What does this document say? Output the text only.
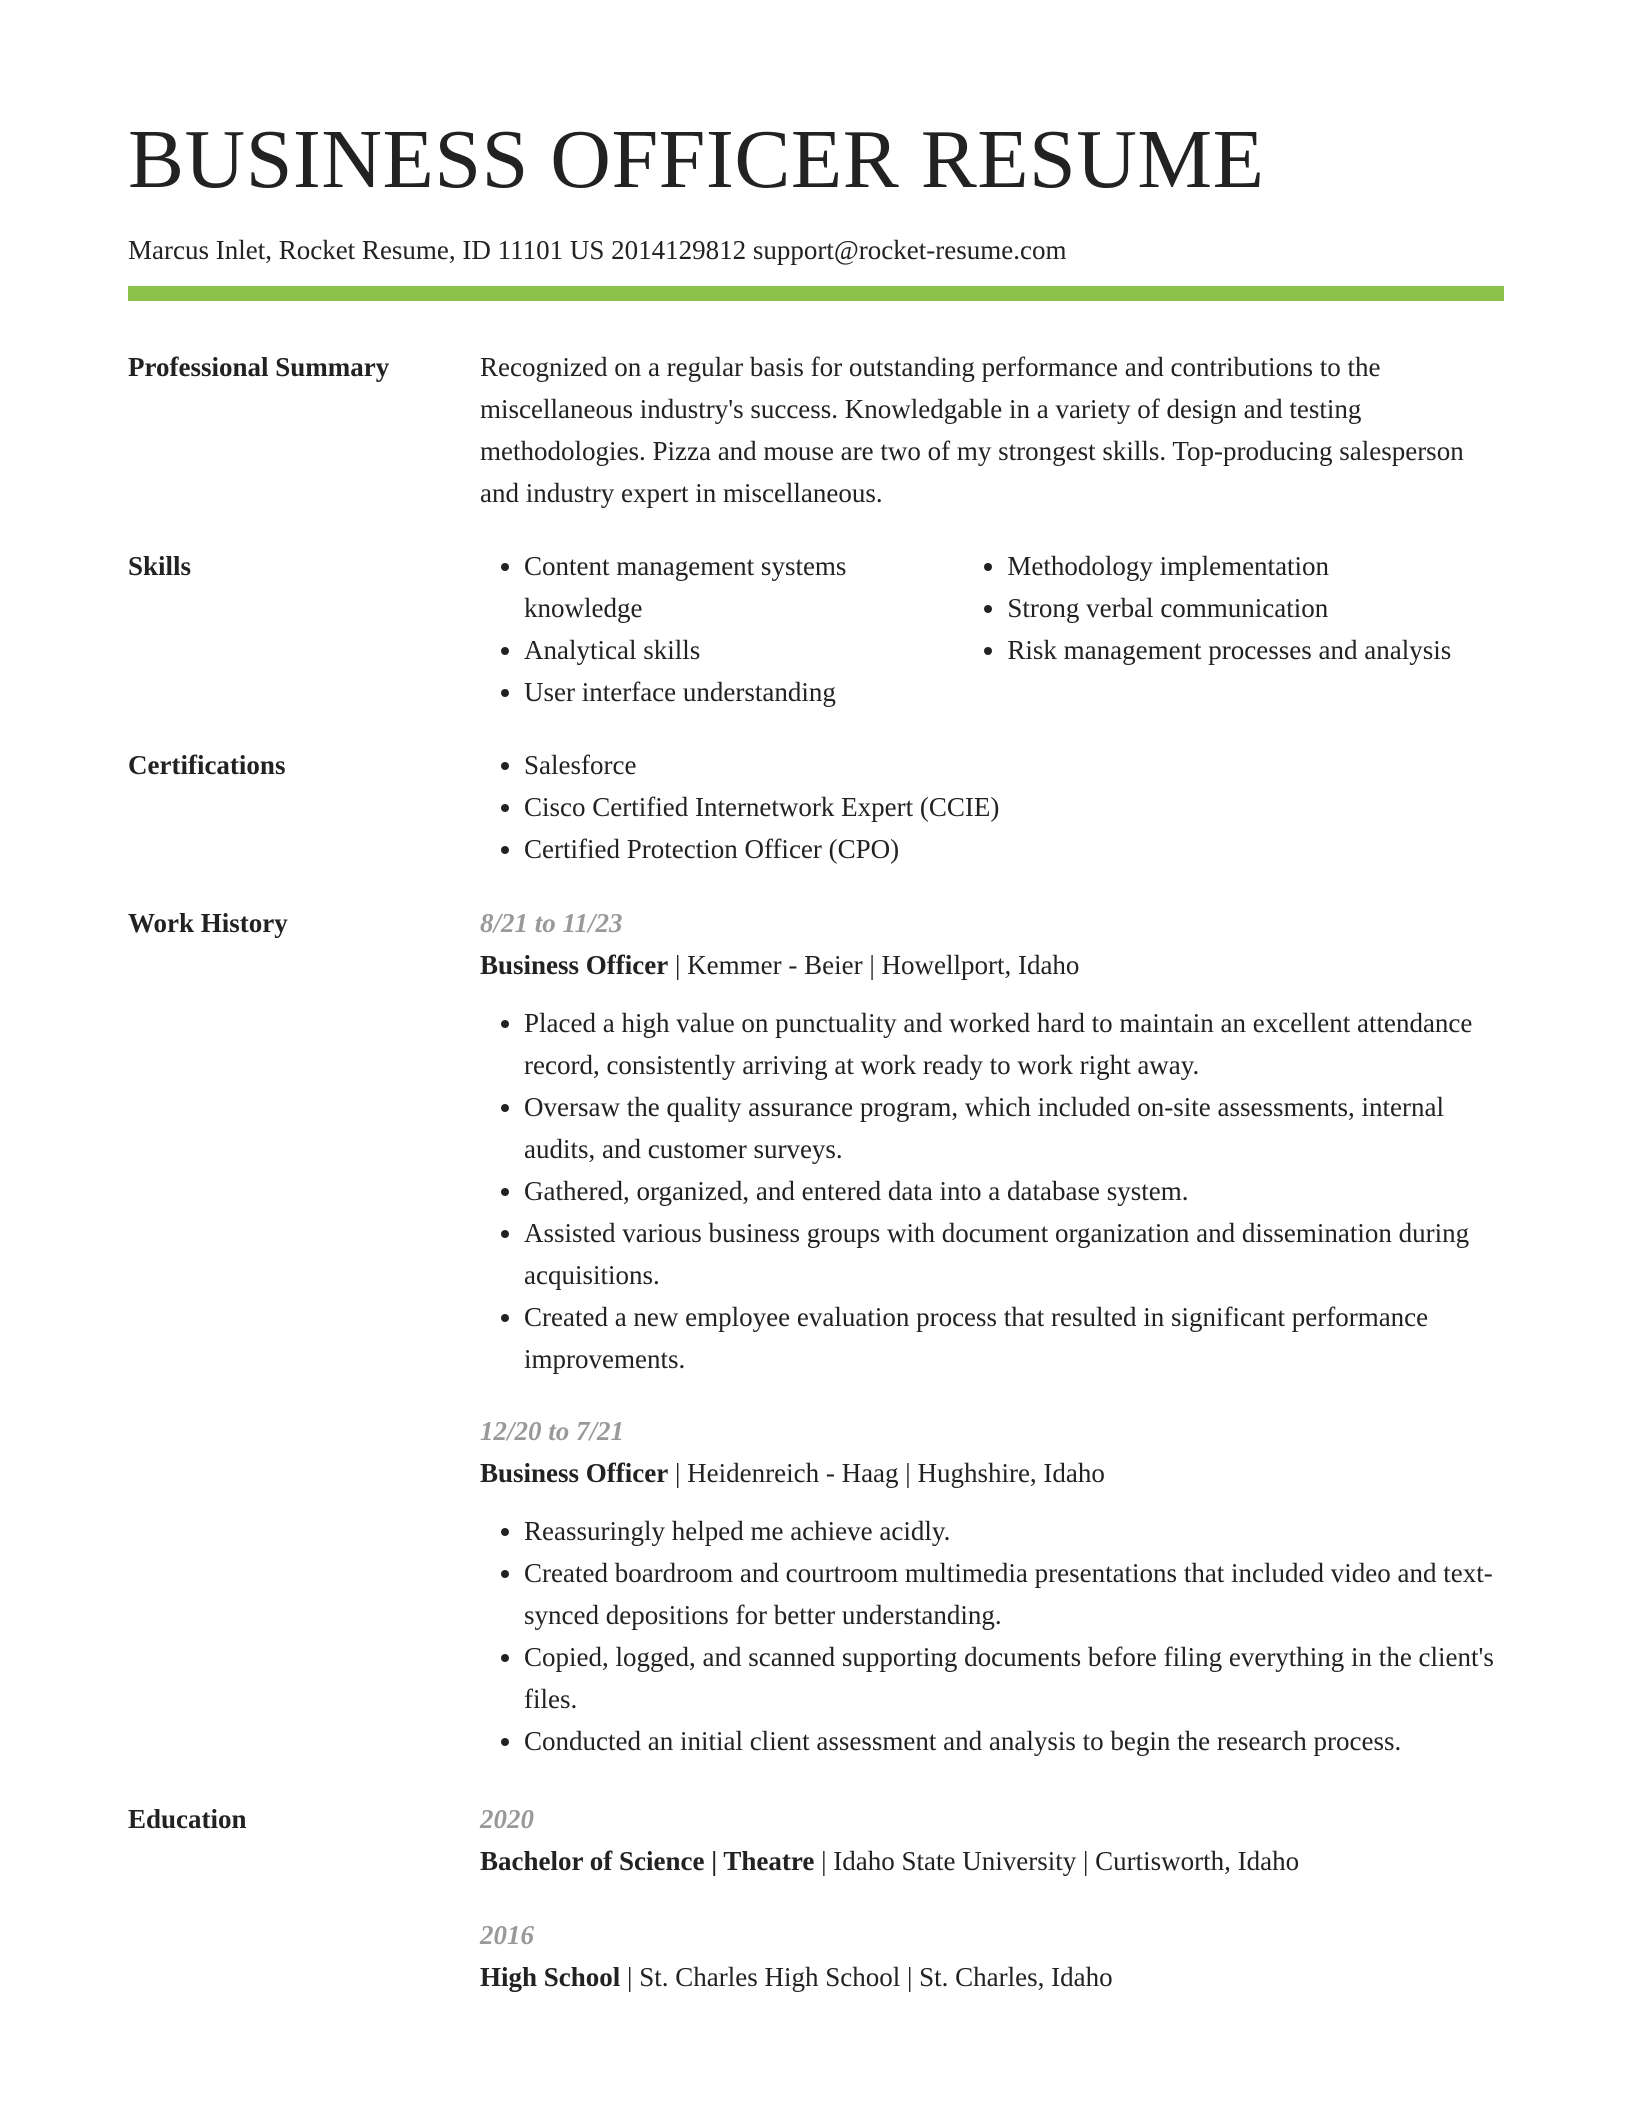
BUSINESS OFFICER RESUME
Marcus Inlet, Rocket Resume, ID 11101 US 2014129812 support@rocket-resume.com
Professional Summary	Recognized on a regular basis for outstanding performance and contributions to the miscellaneous industry's success. Knowledgable in a variety of design and testing methodologies. Pizza and mouse are two of my strongest skills. Top-producing salesperson and industry expert in miscellaneous.

Skills	• Content management systems knowledge
• Analytical skills
• User interface understanding
• Methodology implementation
• Strong verbal communication
• Risk management processes and analysis
Certifications	• Salesforce
• Cisco Certified Internetwork Expert (CCIE)
• Certified Protection Officer (CPO)
Work History	8/21 to 11/23
Business Officer | Kemmer - Beier | Howellport, Idaho
• Placed a high value on punctuality and worked hard to maintain an excellent attendance record, consistently arriving at work ready to work right away.
• Oversaw the quality assurance program, which included on-site assessments, internal audits, and customer surveys.
• Gathered, organized, and entered data into a database system.
• Assisted various business groups with document organization and dissemination during acquisitions.
• Created a new employee evaluation process that resulted in significant performance improvements.
12/20 to 7/21
Business Officer | Heidenreich - Haag | Hughshire, Idaho
• Reassuringly helped me achieve acidly.
• Created boardroom and courtroom multimedia presentations that included video and text-synced depositions for better understanding.
• Copied, logged, and scanned supporting documents before filing everything in the client's files.
• Conducted an initial client assessment and analysis to begin the research process.
Education	2020
Bachelor of Science | Theatre | Idaho State University | Curtisworth, Idaho
2016
High School | St. Charles High School | St. Charles, Idaho
